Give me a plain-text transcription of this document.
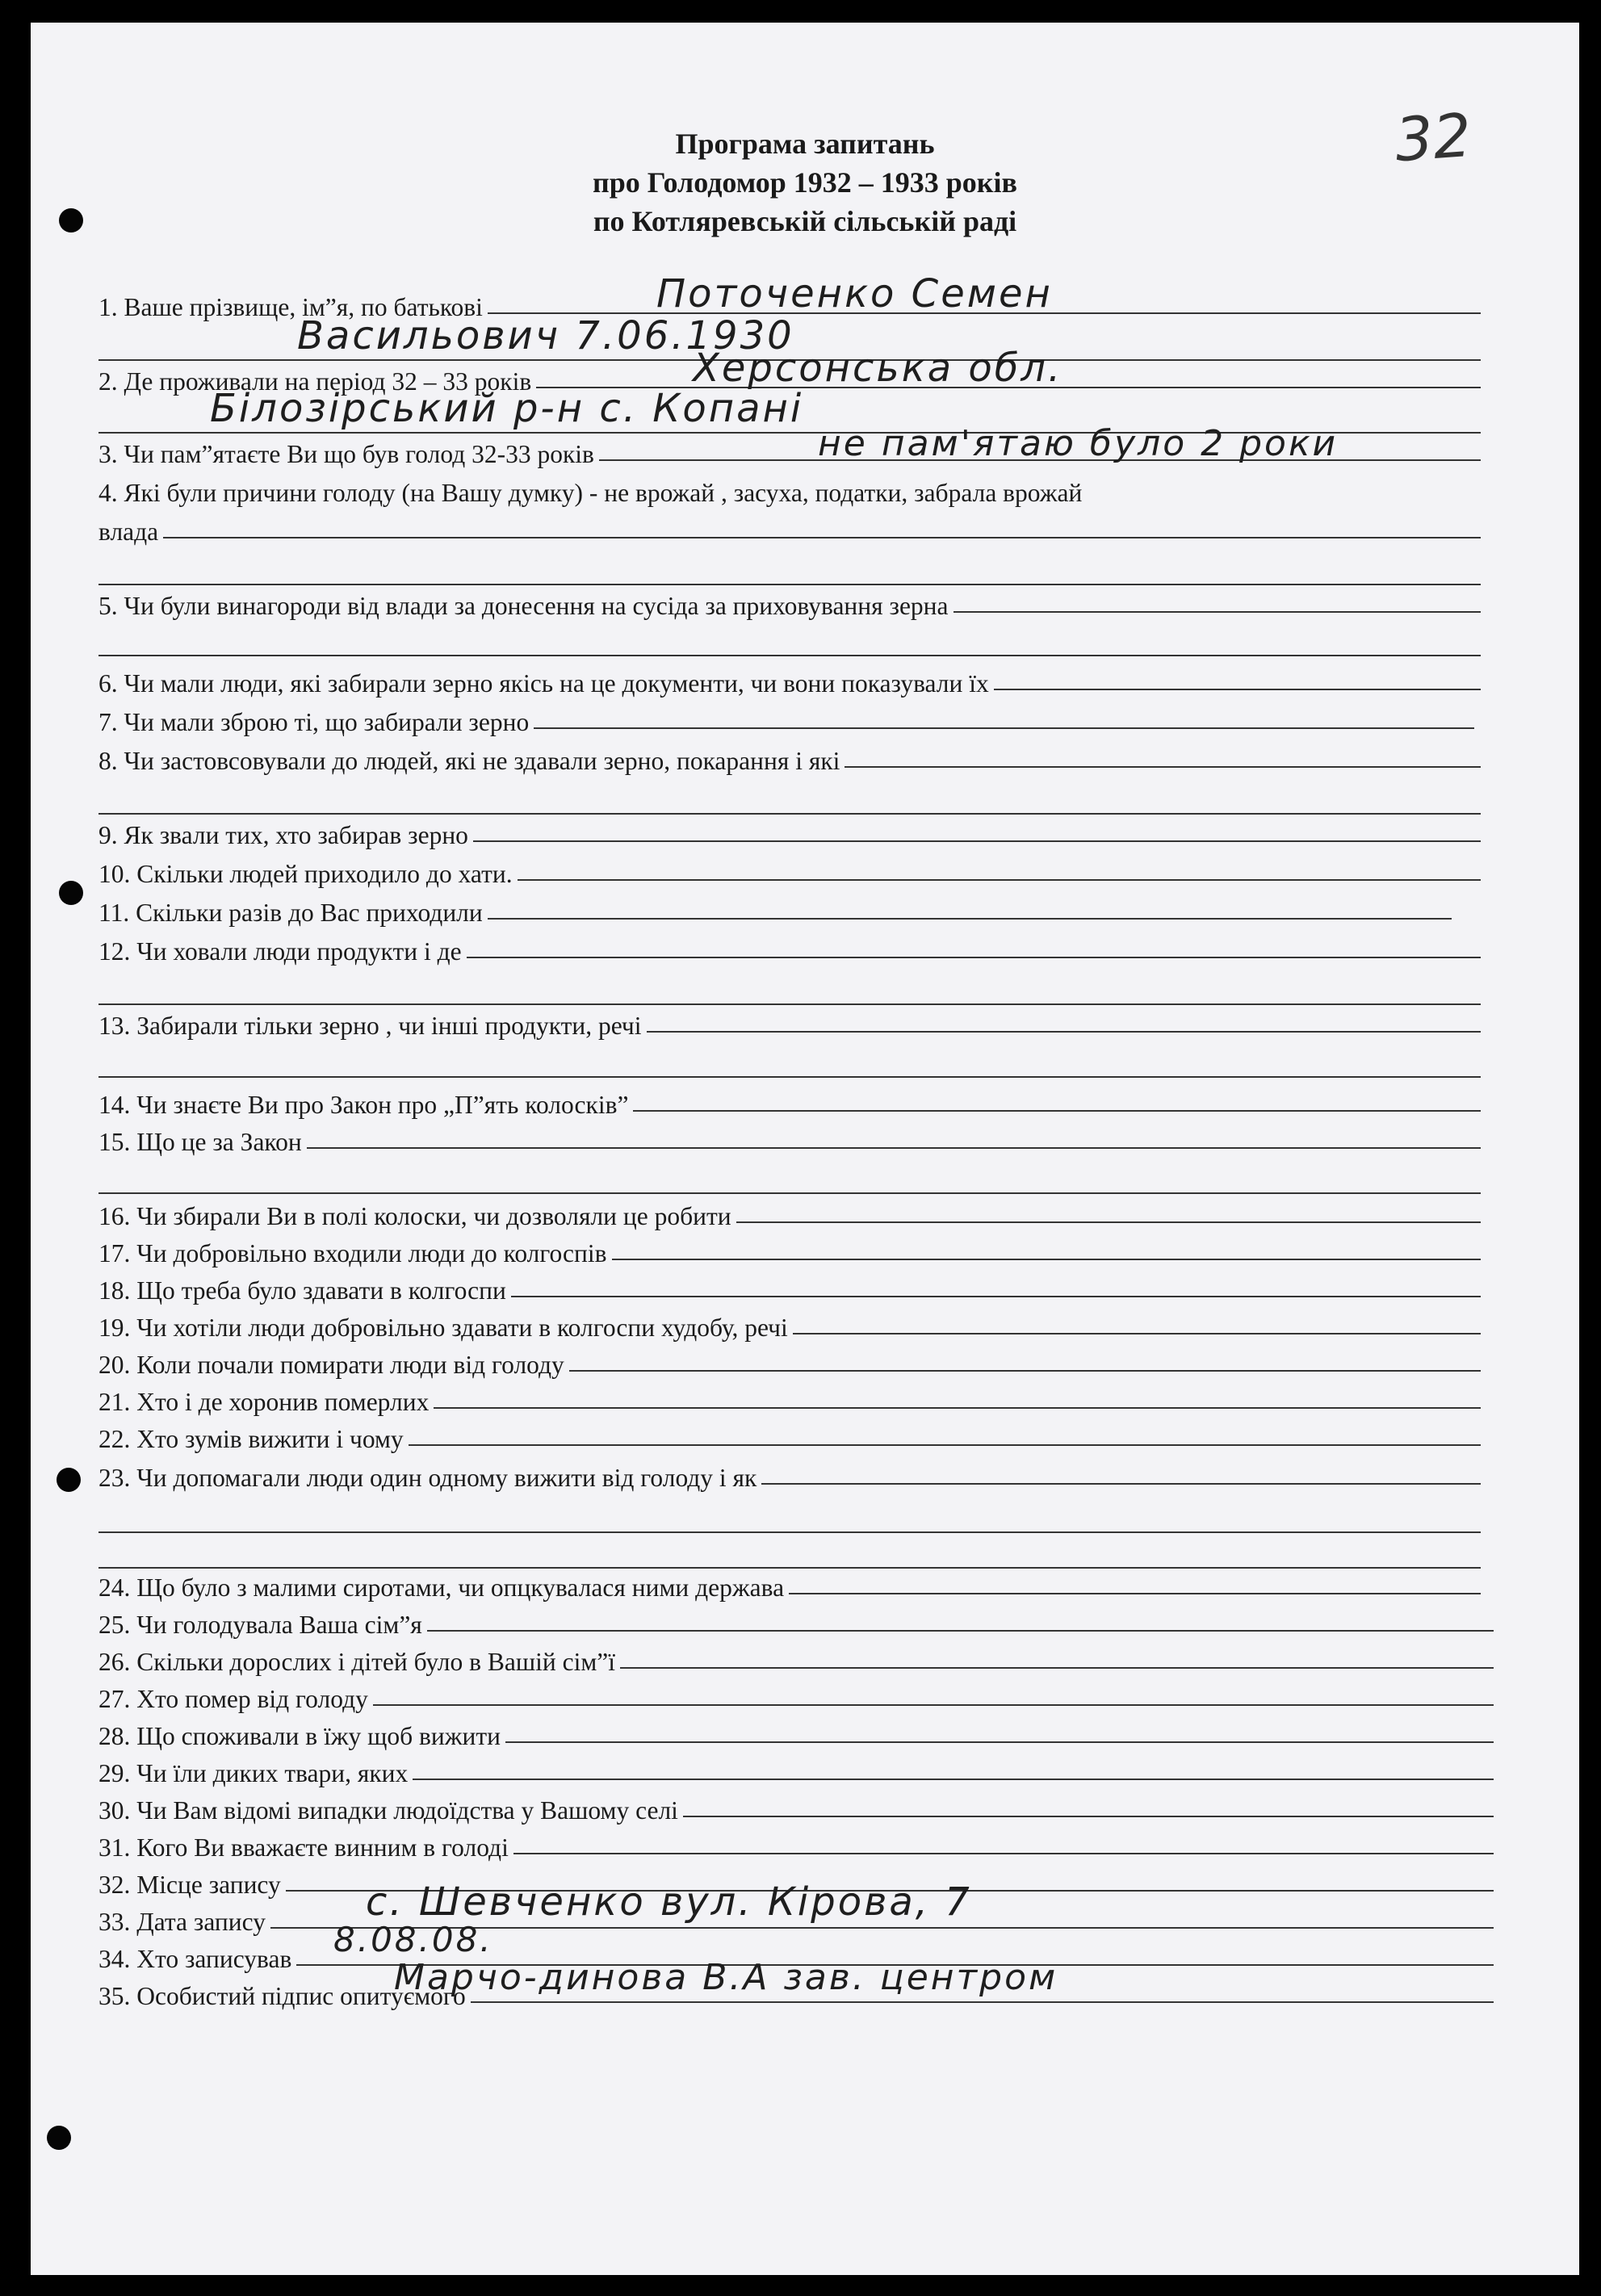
32
Програма запитань
про Голодомор 1932 – 1933 років
по Котляревській сільській раді
1. Ваше прізвище, ім”я, по батькові
2. Де проживали на період 32 – 33 років
3. Чи пам”ятаєте Ви що був голод 32-33 років
4. Які були причини голоду (на Вашу думку) - не врожай , засуха, податки, забрала врожай
влада
5. Чи були винагороди від влади за донесення на сусіда за приховування зерна
6. Чи мали люди, які забирали зерно якісь на це документи, чи вони показували їх
7. Чи мали зброю ті, що забирали зерно
8. Чи застовсовували до людей, які не здавали зерно, покарання і які
9. Як звали тих, хто забирав зерно
10. Скільки людей приходило до хати.
11. Скільки разів до Вас приходили
12. Чи ховали люди продукти і де
13. Забирали тільки зерно , чи інші продукти, речі
14. Чи знаєте Ви про Закон про „П”ять колосків”
15. Що це за Закон
16. Чи збирали Ви в полі колоски, чи дозволяли це робити
17. Чи добровільно входили люди до колгоспів
18. Що треба було здавати в колгоспи
19. Чи хотіли люди добровільно здавати в колгоспи худобу, речі
20. Коли почали помирати люди від голоду
21. Хто і де хоронив померлих
22. Хто зумів вижити і чому
23. Чи допомагали люди один одному вижити від голоду і як
24. Що було з малими сиротами, чи опцкувалася ними держава
25. Чи голодувала Ваша сім”я
26. Скільки дорослих і дітей було в Вашій сім”ї
27. Хто помер від голоду
28. Що споживали в їжу щоб вижити
29. Чи їли диких твари, яких
30. Чи Вам відомі випадки людоїдства у Вашому селі
31. Кого Ви вважаєте винним в голоді
32. Місце запису
33. Дата запису
34. Хто записував
35. Особистий підпис опитуємого
Поточенко Семен
Васильович 7.06.1930
Херсонська обл.
Білозірський р-н с. Копані
не пам'ятаю було 2 роки
с. Шевченко вул. Кірова, 7
8.08.08.
Марчо-динова В.А зав. центром
